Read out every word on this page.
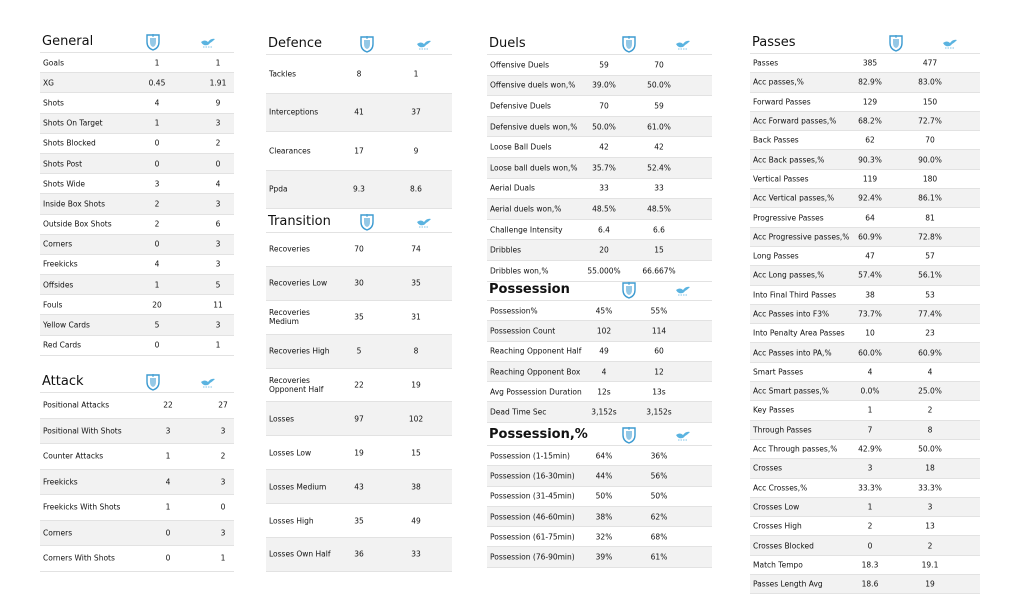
General
Goals	1	1
XG	0.45	1.91
Shots	4	9
Shots On Target	1	3
Shots Blocked	0	2
Shots Post	0	0
Shots Wide	3	4
Inside Box Shots	2	3
Outside Box Shots	2	6
Corners	0	3
Freekicks	4	3
Offsides	1	5
Fouls	20	11
Yellow Cards	5	3
Red Cards	0	1
Attack
Positional Attacks	22	27
Positional With Shots	3	3
Counter Attacks	1	2
Freekicks	4	3
Freekicks With Shots	1	0
Corners	0	3
Corners With Shots	0	1
Defence
Tackles	8	1
Interceptions	41	37
Clearances	17	9
Ppda	9.3	8.6
Transition
Recoveries	70	74
Recoveries Low	30	35
Recoveries Medium	35	31
Recoveries High	5	8
Recoveries Opponent Half	22	19
Losses	97	102
Losses Low	19	15
Losses Medium	43	38
Losses High	35	49
Losses Own Half	36	33
Duels
Offensive Duels	59	70
Offensive duels won,%	39.0%	50.0%
Defensive Duels	70	59
Defensive duels won,%	50.0%	61.0%
Loose Ball Duels	42	42
Loose ball duels won,%	35.7%	52.4%
Aerial Duals	33	33
Aerial duels won,%	48.5%	48.5%
Challenge Intensity	6.4	6.6
Dribbles	20	15
Dribbles won,%	55.000%	66.667%
Possession
Possession%	45%	55%
Possession Count	102	114
Reaching Opponent Half	49	60
Reaching Opponent Box	4	12
Avg Possession Duration	12s	13s
Dead Time Sec	3,152s	3,152s
Possession,%
Possession (1-15min)	64%	36%
Possession (16-30min)	44%	56%
Possession (31-45min)	50%	50%
Possession (46-60min)	38%	62%
Possession (61-75min)	32%	68%
Possession (76-90min)	39%	61%
Passes
Passes	385	477
Acc passes,%	82.9%	83.0%
Forward Passes	129	150
Acc Forward passes,%	68.2%	72.7%
Back Passes	62	70
Acc Back passes,%	90.3%	90.0%
Vertical Passes	119	180
Acc Vertical passes,%	92.4%	86.1%
Progressive Passes	64	81
Acc Progressive passes,%	60.9%	72.8%
Long Passes	47	57
Acc Long passes,%	57.4%	56.1%
Into Final Third Passes	38	53
Acc Passes into F3%	73.7%	77.4%
Into Penalty Area Passes	10	23
Acc Passes into PA,%	60.0%	60.9%
Smart Passes	4	4
Acc Smart passes,%	0.0%	25.0%
Key Passes	1	2
Through Passes	7	8
Acc Through passes,%	42.9%	50.0%
Crosses	3	18
Acc Crosses,%	33.3%	33.3%
Crosses Low	1	3
Crosses High	2	13
Crosses Blocked	0	2
Match Tempo	18.3	19.1
Passes Length Avg	18.6	19
